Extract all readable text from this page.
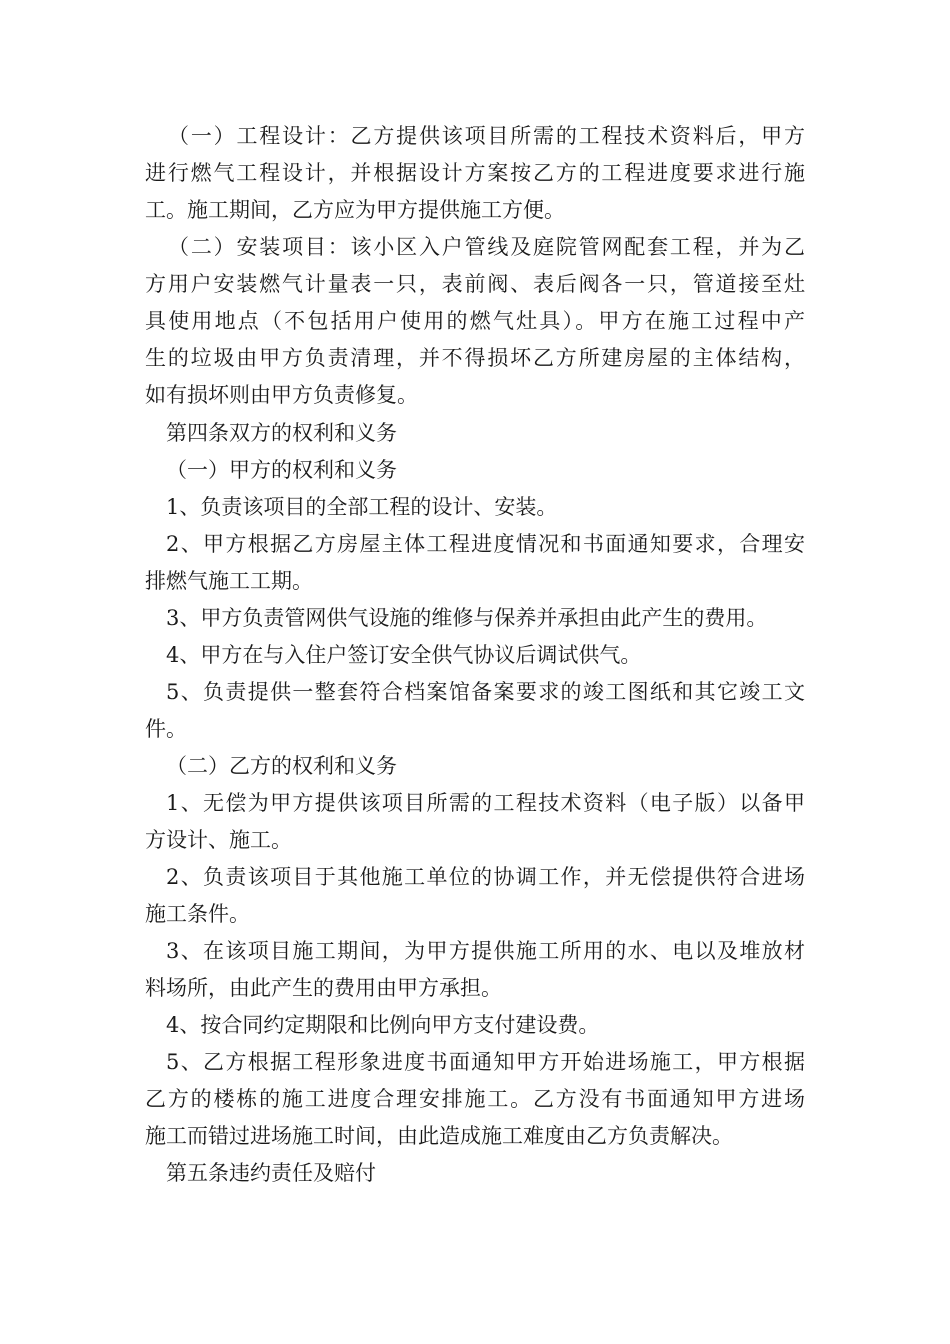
（一）工程设计：乙方提供该项目所需的工程技术资料后，甲方
进行燃气工程设计，并根据设计方案按乙方的工程进度要求进行施
工。施工期间，乙方应为甲方提供施工方便。
（二）安装项目：该小区入户管线及庭院管网配套工程，并为乙
方用户安装燃气计量表一只，表前阀、表后阀各一只，管道接至灶
具使用地点（不包括用户使用的燃气灶具）。甲方在施工过程中产
生的垃圾由甲方负责清理，并不得损坏乙方所建房屋的主体结构，
如有损坏则由甲方负责修复。
第四条双方的权利和义务
（一）甲方的权利和义务
1、负责该项目的全部工程的设计、安装。
2、甲方根据乙方房屋主体工程进度情况和书面通知要求，合理安
排燃气施工工期。
3、甲方负责管网供气设施的维修与保养并承担由此产生的费用。
4、甲方在与入住户签订安全供气协议后调试供气。
5、负责提供一整套符合档案馆备案要求的竣工图纸和其它竣工文
件。
（二）乙方的权利和义务
1、无偿为甲方提供该项目所需的工程技术资料（电子版）以备甲
方设计、施工。
2、负责该项目于其他施工单位的协调工作，并无偿提供符合进场
施工条件。
3、在该项目施工期间，为甲方提供施工所用的水、电以及堆放材
料场所，由此产生的费用由甲方承担。
4、按合同约定期限和比例向甲方支付建设费。
5、乙方根据工程形象进度书面通知甲方开始进场施工，甲方根据
乙方的楼栋的施工进度合理安排施工。乙方没有书面通知甲方进场
施工而错过进场施工时间，由此造成施工难度由乙方负责解决。
第五条违约责任及赔付
